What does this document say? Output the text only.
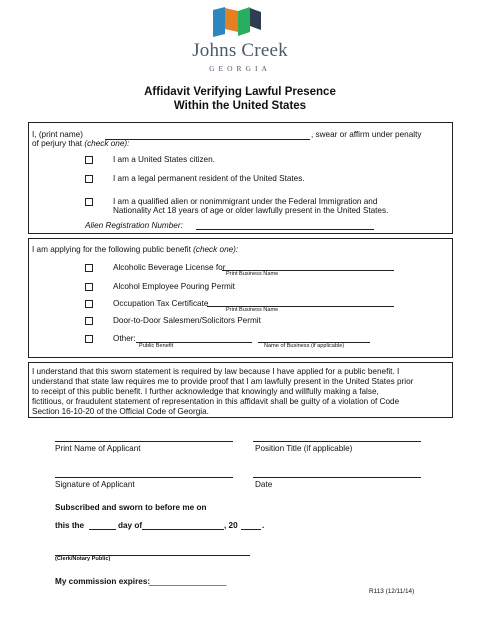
Johns Creek
GEORGIA
Affidavit Verifying Lawful Presence
Within the United States
I, (print name)	, swear or affirm under penalty
of perjury that (check one):
I am a United States citizen.
I am a legal permanent resident of the United States.
I am a qualified alien or nonimmigrant under the Federal Immigration and
Nationality Act 18 years of age or older lawfully present in the United States.
Alien Registration Number:
I am applying for the following public benefit (check one):
Alcoholic Beverage License for
Print Business Name
Alcohol Employee Pouring Permit
Occupation Tax Certificate
Print Business Name
Door-to-Door Salesmen/Solicitors Permit
Other:
Public Benefit	Name of Business (if applicable)
I understand that this sworn statement is required by law because I have applied for a public benefit. I
understand that state law requires me to provide proof that I am lawfully present in the United States prior
to receipt of this public benefit. I further acknowledge that knowingly and willfully making a false,
fictitious, or fraudulent statement of representation in this affidavit shall be guilty of a violation of Code
Section 16-10-20 of the Official Code of Georgia.
Print Name of Applicant	Position Title (if applicable)
Signature of Applicant	Date
Subscribed and sworn to before me on
this the	day of	, 20	.
(Clerk/Notary Public)
My commission expires:
_________________
R113 (12/11/14)
